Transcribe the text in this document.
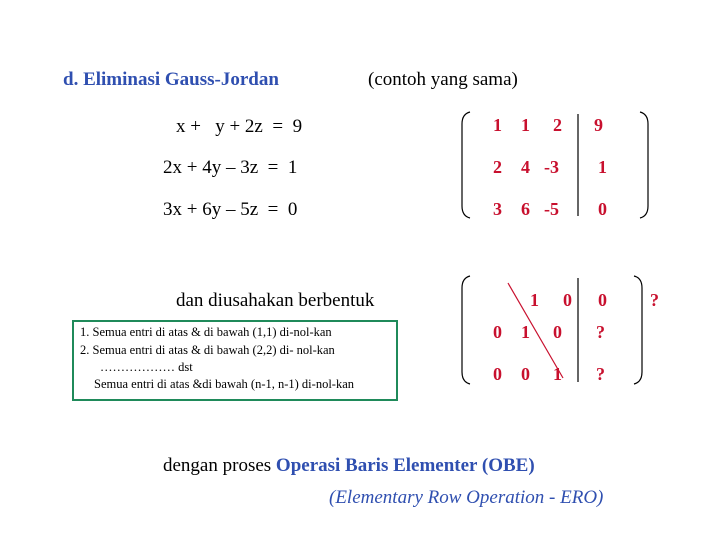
d. Eliminasi Gauss-Jordan	(contoh yang sama)
x +   y + 2z  =  9
2x + 4y – 3z  =  1
3x + 6y – 5z  =  0
1 1 2 9
2 4 -3 1
3 6 -5 0
dan diusahakan berbentuk	1 0 0 ?
0 1 0 ?
0 0 1 ?
1. Semua entri di atas & di bawah (1,1) di-nol-kan
2. Semua entri di atas & di bawah (2,2) di- nol-kan
……………… dst
Semua entri di atas &di bawah (n-1, n-1) di-nol-kan
dengan proses Operasi Baris Elementer (OBE)
(Elementary Row Operation - ERO)
